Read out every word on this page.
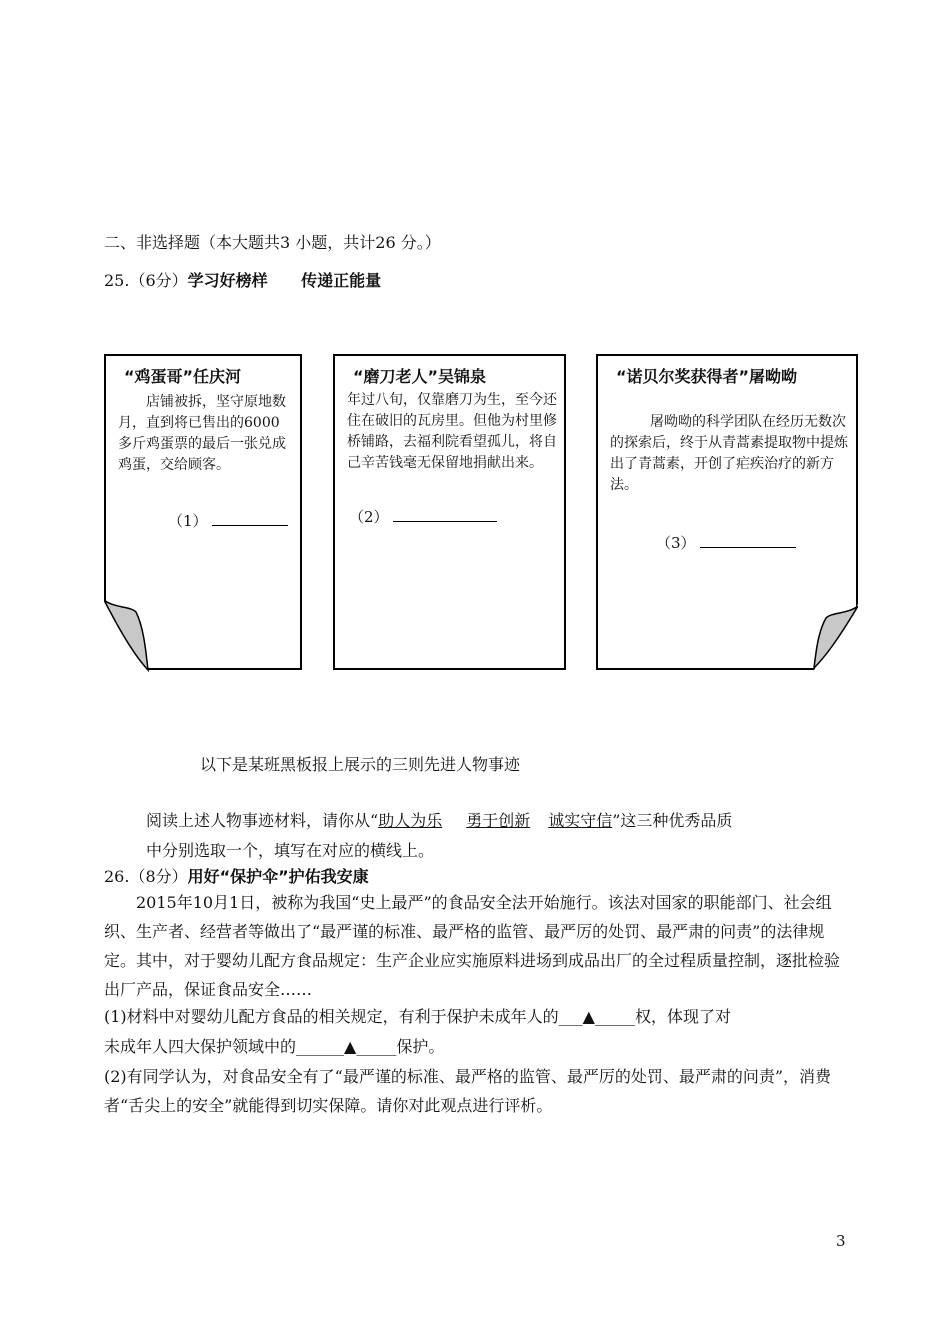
二、非选择题（本大题共3 小题，共计26 分。）
25.（6分）学习好榜样      传递正能量
“鸡蛋哥”任庆河
店铺被拆，坚守原地数月，直到将已售出的6000多斤鸡蛋票的最后一张兑成鸡蛋，交给顾客。
（1）
“磨刀老人”吴锦泉
年过八旬，仅靠磨刀为生，至今还住在破旧的瓦房里。但他为村里修桥铺路，去福利院看望孤儿，将自己辛苦钱毫无保留地捐献出来。
（2）
“诺贝尔奖获得者”屠呦呦
屠呦呦的科学团队在经历无数次的探索后，终于从青蒿素提取物中提炼出了青蒿素，开创了疟疾治疗的新方法。
（3）
以下是某班黑板报上展示的三则先进人物事迹
阅读上述人物事迹材料，请你从“助人为乐 勇于创新 诚实守信”这三种优秀品质
中分别选取一个，填写在对应的横线上。
26.（8分）用好“保护伞”护佑我安康
2015年10月1日，被称为我国“史上最严”的食品安全法开始施行。该法对国家的职能部门、社会组织、生产者、经营者等做出了“最严谨的标准、最严格的监管、最严厉的处罚、最严肃的问责”的法律规定。其中，对于婴幼儿配方食品规定：生产企业应实施原料进场到成品出厂的全过程质量控制，逐批检验出厂产品，保证食品安全……
(1)材料中对婴幼儿配方食品的相关规定，有利于保护未成年人的___▲_____权，体现了对
未成年人四大保护领域中的______▲_____保护。
(2)有同学认为，对食品安全有了“最严谨的标准、最严格的监管、最严厉的处罚、最严肃的问责”，消费者“舌尖上的安全”就能得到切实保障。请你对此观点进行评析。
3
